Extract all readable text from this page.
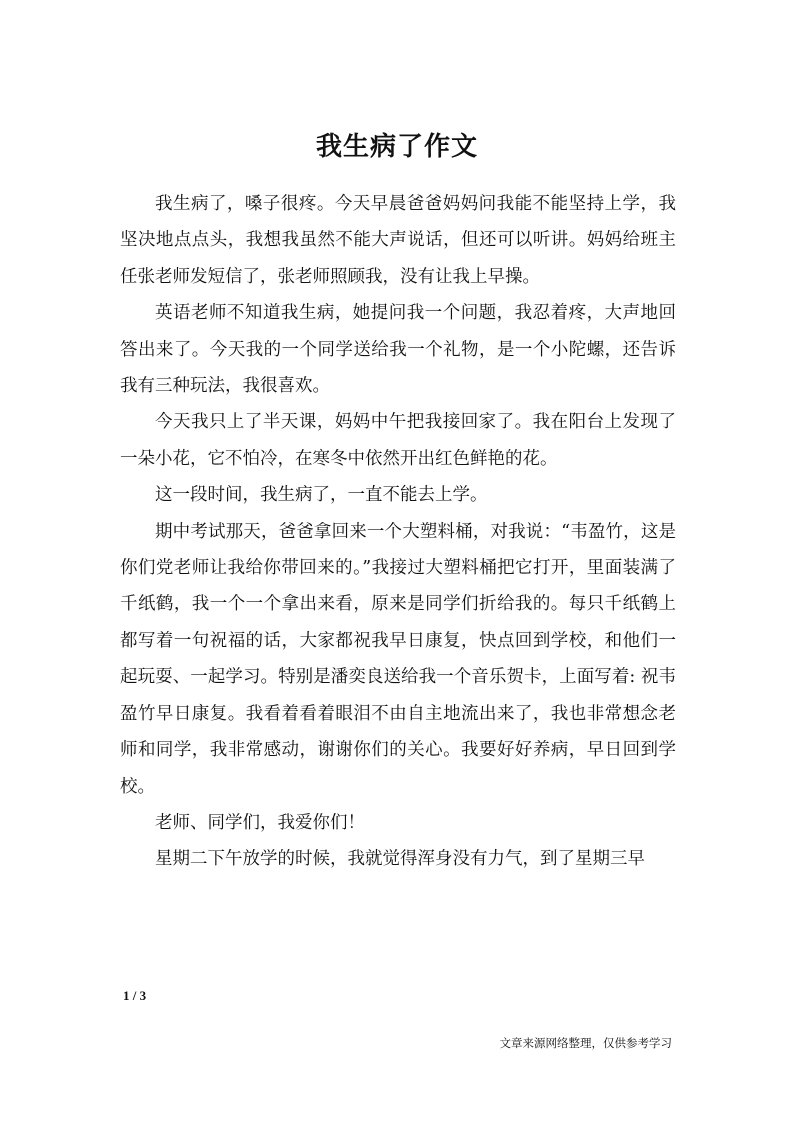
我生病了作文

我生病了，嗓子很疼。今天早晨爸爸妈妈问我能不能坚持上学，我坚决地点点头，我想我虽然不能大声说话，但还可以听讲。妈妈给班主任张老师发短信了，张老师照顾我，没有让我上早操。

英语老师不知道我生病，她提问我一个问题，我忍着疼，大声地回答出来了。今天我的一个同学送给我一个礼物，是一个小陀螺，还告诉我有三种玩法，我很喜欢。

今天我只上了半天课，妈妈中午把我接回家了。我在阳台上发现了一朵小花，它不怕冷，在寒冬中依然开出红色鲜艳的花。

这一段时间，我生病了，一直不能去上学。

期中考试那天，爸爸拿回来一个大塑料桶，对我说：“韦盈竹，这是你们党老师让我给你带回来的。”我接过大塑料桶把它打开，里面装满了千纸鹤，我一个一个拿出来看，原来是同学们折给我的。每只千纸鹤上都写着一句祝福的话，大家都祝我早日康复，快点回到学校，和他们一起玩耍、一起学习。特别是潘奕良送给我一个音乐贺卡，上面写着: 祝韦盈竹早日康复。我看着看着眼泪不由自主地流出来了，我也非常想念老师和同学，我非常感动，谢谢你们的关心。我要好好养病，早日回到学校。

老师、同学们，我爱你们！

星期二下午放学的时候，我就觉得浑身没有力气，到了星期三早

1 / 3
文章来源网络整理，仅供参考学习
